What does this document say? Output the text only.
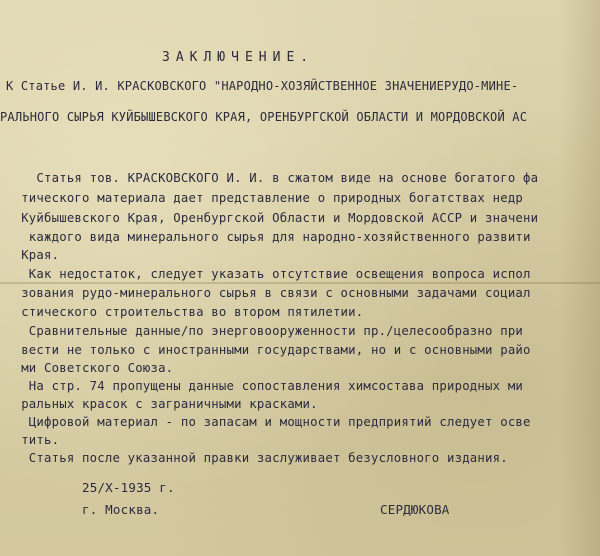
ЗАКЛЮЧЕНИЕ.
К Статье И. И. КРАСКОВСКОГО "НАРОДНО-ХОЗЯЙСТВЕННОЕ ЗНАЧЕНИЕРУДО-МИНЕ-
РАЛЬНОГО СЫРЬЯ КУЙБЫШЕВСКОГО КРАЯ, ОРЕНБУРГСКОЙ ОБЛАСТИ И МОРДОВСКОЙ АС
Статья тов. КРАСКОВСКОГО И. И. в сжатом виде на основе богатого фа
тического материала дает представление о природных богатствах недр
Куйбышевского Края, Оренбургской Области и Мордовской АССР и значени
каждого вида минерального сырья для народно-хозяйственного развити
Края.
Как недостаток, следует указать отсутствие освещения вопроса испол
зования рудо-минерального сырья в связи с основными задачами социал
стического строительства во втором пятилетии.
Сравнительные данные/по энерговооруженности пр./целесообразно при
вести не только с иностранными государствами, но и с основными райо
ми Советского Союза.
На стр. 74 пропущены данные сопоставления химсостава природных ми
ральных красок с заграничными красками.
Цифровой материал - по запасам и мощности предприятий следует осве
тить.
Статья после указанной правки заслуживает безусловного издания.
25/X-1935 г.
г. Москва.	СЕРДЮКОВА
